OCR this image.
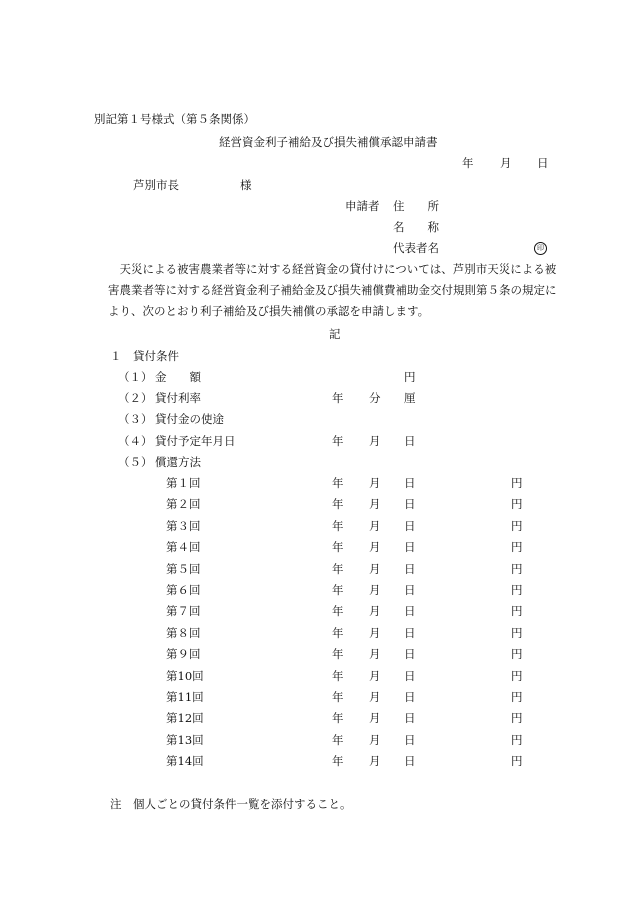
別記第１号様式（第５条関係）
経営資金利子補給及び損失補償承認申請書
年 月 日
芦別市長	様
申請者 住　　所
名　　称
代表者名	印
　天災による被害農業者等に対する経営資金の貸付けについては、芦別市天災による被
害農業者等に対する経営資金利子補給金及び損失補償費補助金交付規則第５条の規定に
より、次のとおり利子補給及び損失補償の承認を申請します。
記
１　貸付条件
（１） 金　　額	円
（２） 貸付利率	年 分 厘
（３） 貸付金の使途
（４） 貸付予定年月日	年 月 日
（５） 償還方法
第１回	年 月 日	円
第２回	年 月 日	円
第３回	年 月 日	円
第４回	年 月 日	円
第５回	年 月 日	円
第６回	年 月 日	円
第７回	年 月 日	円
第８回	年 月 日	円
第９回	年 月 日	円
第10回	年 月 日	円
第11回	年 月 日	円
第12回	年 月 日	円
第13回	年 月 日	円
第14回	年 月 日	円
注　個人ごとの貸付条件一覧を添付すること。
